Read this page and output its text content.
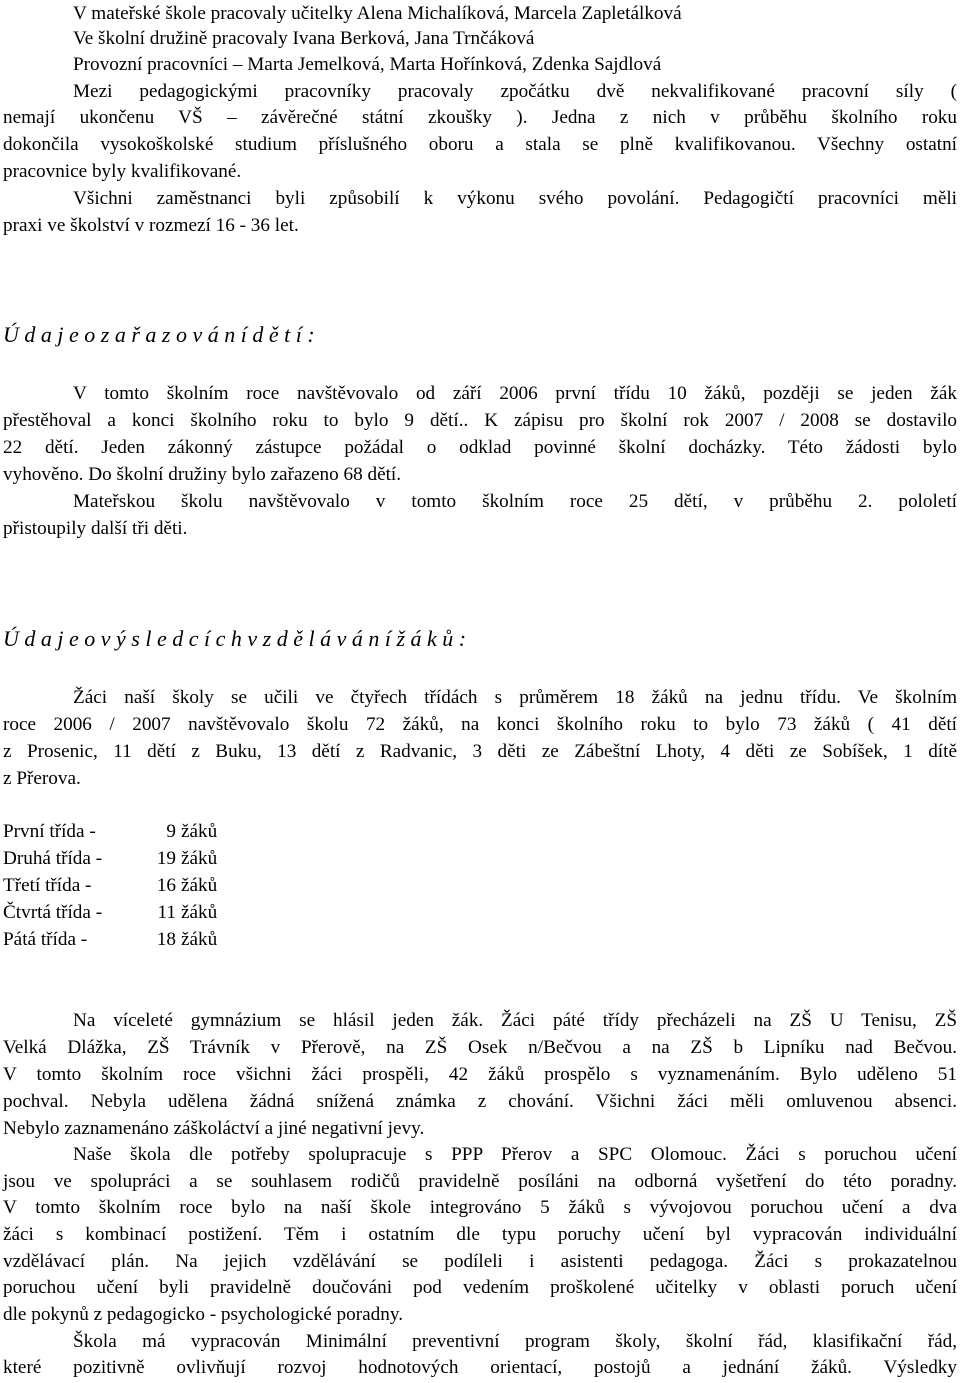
V mateřské škole pracovaly učitelky Alena Michalíková, Marcela Zapletálková
Ve školní družině pracovaly Ivana Berková, Jana Trnčáková
Provozní pracovníci – Marta Jemelková, Marta Hořínková, Zdenka Sajdlová
Mezi pedagogickými pracovníky pracovaly zpočátku dvě nekvalifikované pracovní síly (
nemají ukončenu VŠ – závěrečné státní zkoušky ). Jedna z nich v průběhu školního roku
dokončila vysokoškolské studium příslušného oboru a stala se plně kvalifikovanou. Všechny ostatní
pracovnice byly kvalifikované.
Všichni zaměstnanci byli způsobilí k výkonu svého povolání. Pedagogičtí pracovníci měli
praxi ve školství v rozmezí 16 - 36 let.
Ú d a j e o z a ř a z o v á n í d ě t í :
V tomto školním roce navštěvovalo od září 2006 první třídu 10 žáků, později se jeden žák
přestěhoval a konci školního roku to bylo 9 dětí.. K zápisu pro školní rok 2007 / 2008 se dostavilo
22 dětí. Jeden zákonný zástupce požádal o odklad povinné školní docházky. Této žádosti bylo
vyhověno. Do školní družiny bylo zařazeno 68 dětí.
Mateřskou školu navštěvovalo v tomto školním roce 25 dětí, v průběhu 2. pololetí
přistoupily další tři děti.
Ú d a j e o v ý s l e d c í c h v z d ě l á v á n í ž á k ů :
Žáci naší školy se učili ve čtyřech třídách s průměrem 18 žáků na jednu třídu. Ve školním
roce 2006 / 2007 navštěvovalo školu 72 žáků, na konci školního roku to bylo 73 žáků ( 41 dětí
z Prosenic, 11 dětí z Buku, 13 dětí z Radvanic, 3 děti ze Zábeštní Lhoty, 4 děti ze Sobíšek, 1 dítě
z Přerova.
První třída -	9 žáků
Druhá třída -	19 žáků
Třetí třída -	16 žáků
Čtvrtá třída -	11 žáků
Pátá třída -	18 žáků
Na víceleté gymnázium se hlásil jeden žák. Žáci páté třídy přecházeli na ZŠ U Tenisu, ZŠ
Velká Dlážka, ZŠ Trávník v Přerově, na ZŠ Osek n/Bečvou a na ZŠ b Lipníku nad Bečvou.
V tomto školním roce všichni žáci prospěli, 42 žáků prospělo s vyznamenáním. Bylo uděleno 51
pochval. Nebyla udělena žádná snížená známka z chování. Všichni žáci měli omluvenou absenci.
Nebylo zaznamenáno záškoláctví a jiné negativní jevy.
Naše škola dle potřeby spolupracuje s PPP Přerov a SPC Olomouc. Žáci s poruchou učení
jsou ve spolupráci a se souhlasem rodičů pravidelně posíláni na odborná vyšetření do této poradny.
V tomto školním roce bylo na naší škole integrováno 5 žáků s vývojovou poruchou učení a dva
žáci s kombinací postižení. Těm i ostatním dle typu poruchy učení byl vypracován individuální
vzdělávací plán. Na jejich vzdělávání se podíleli i asistenti pedagoga. Žáci s prokazatelnou
poruchou učení byli pravidelně doučováni pod vedením proškolené učitelky v oblasti poruch učení
dle pokynů z pedagogicko - psychologické poradny.
Škola má vypracován Minimální preventivní program školy, školní řád, klasifikační řád,
které pozitivně ovlivňují rozvoj hodnotových orientací, postojů a jednání žáků. Výsledky
